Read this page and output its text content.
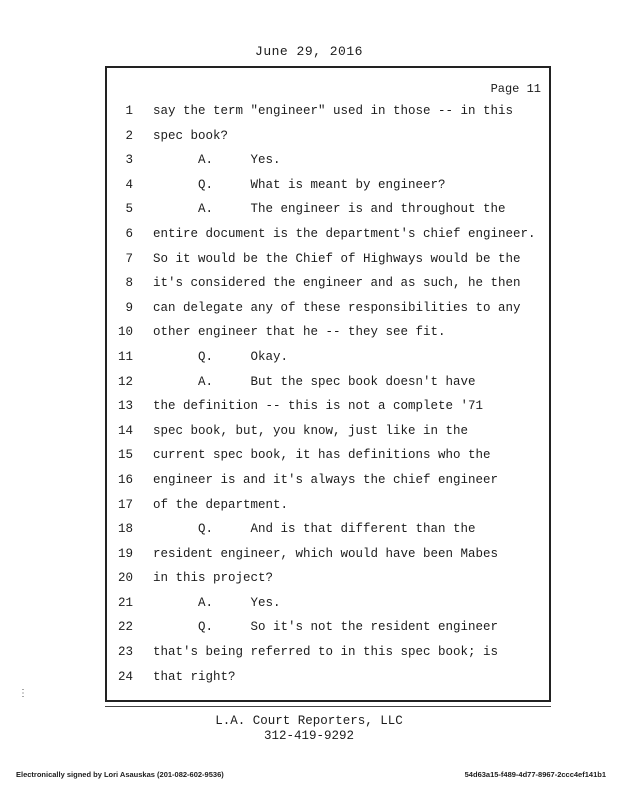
June 29, 2016
Page 11
1 say the term "engineer" used in those -- in this
2 spec book?
3 A.     Yes.
4 Q.     What is meant by engineer?
5 A.     The engineer is and throughout the
6 entire document is the department's chief engineer.
7 So it would be the Chief of Highways would be the
8 it's considered the engineer and as such, he then
9 can delegate any of these responsibilities to any
10 other engineer that he -- they see fit.
11 Q.     Okay.
12 A.     But the spec book doesn't have
13 the definition -- this is not a complete '71
14 spec book, but, you know, just like in the
15 current spec book, it has definitions who the
16 engineer is and it's always the chief engineer
17 of the department.
18 Q.     And is that different than the
19 resident engineer, which would have been Mabes
20 in this project?
21 A.     Yes.
22 Q.     So it's not the resident engineer
23 that's being referred to in this spec book; is
24 that right?
⋮
L.A. Court Reporters, LLC
312-419-9292
Electronically signed by Lori Asauskas (201-082-602-9536)	54d63a15-f489-4d77-8967-2ccc4ef141b1
